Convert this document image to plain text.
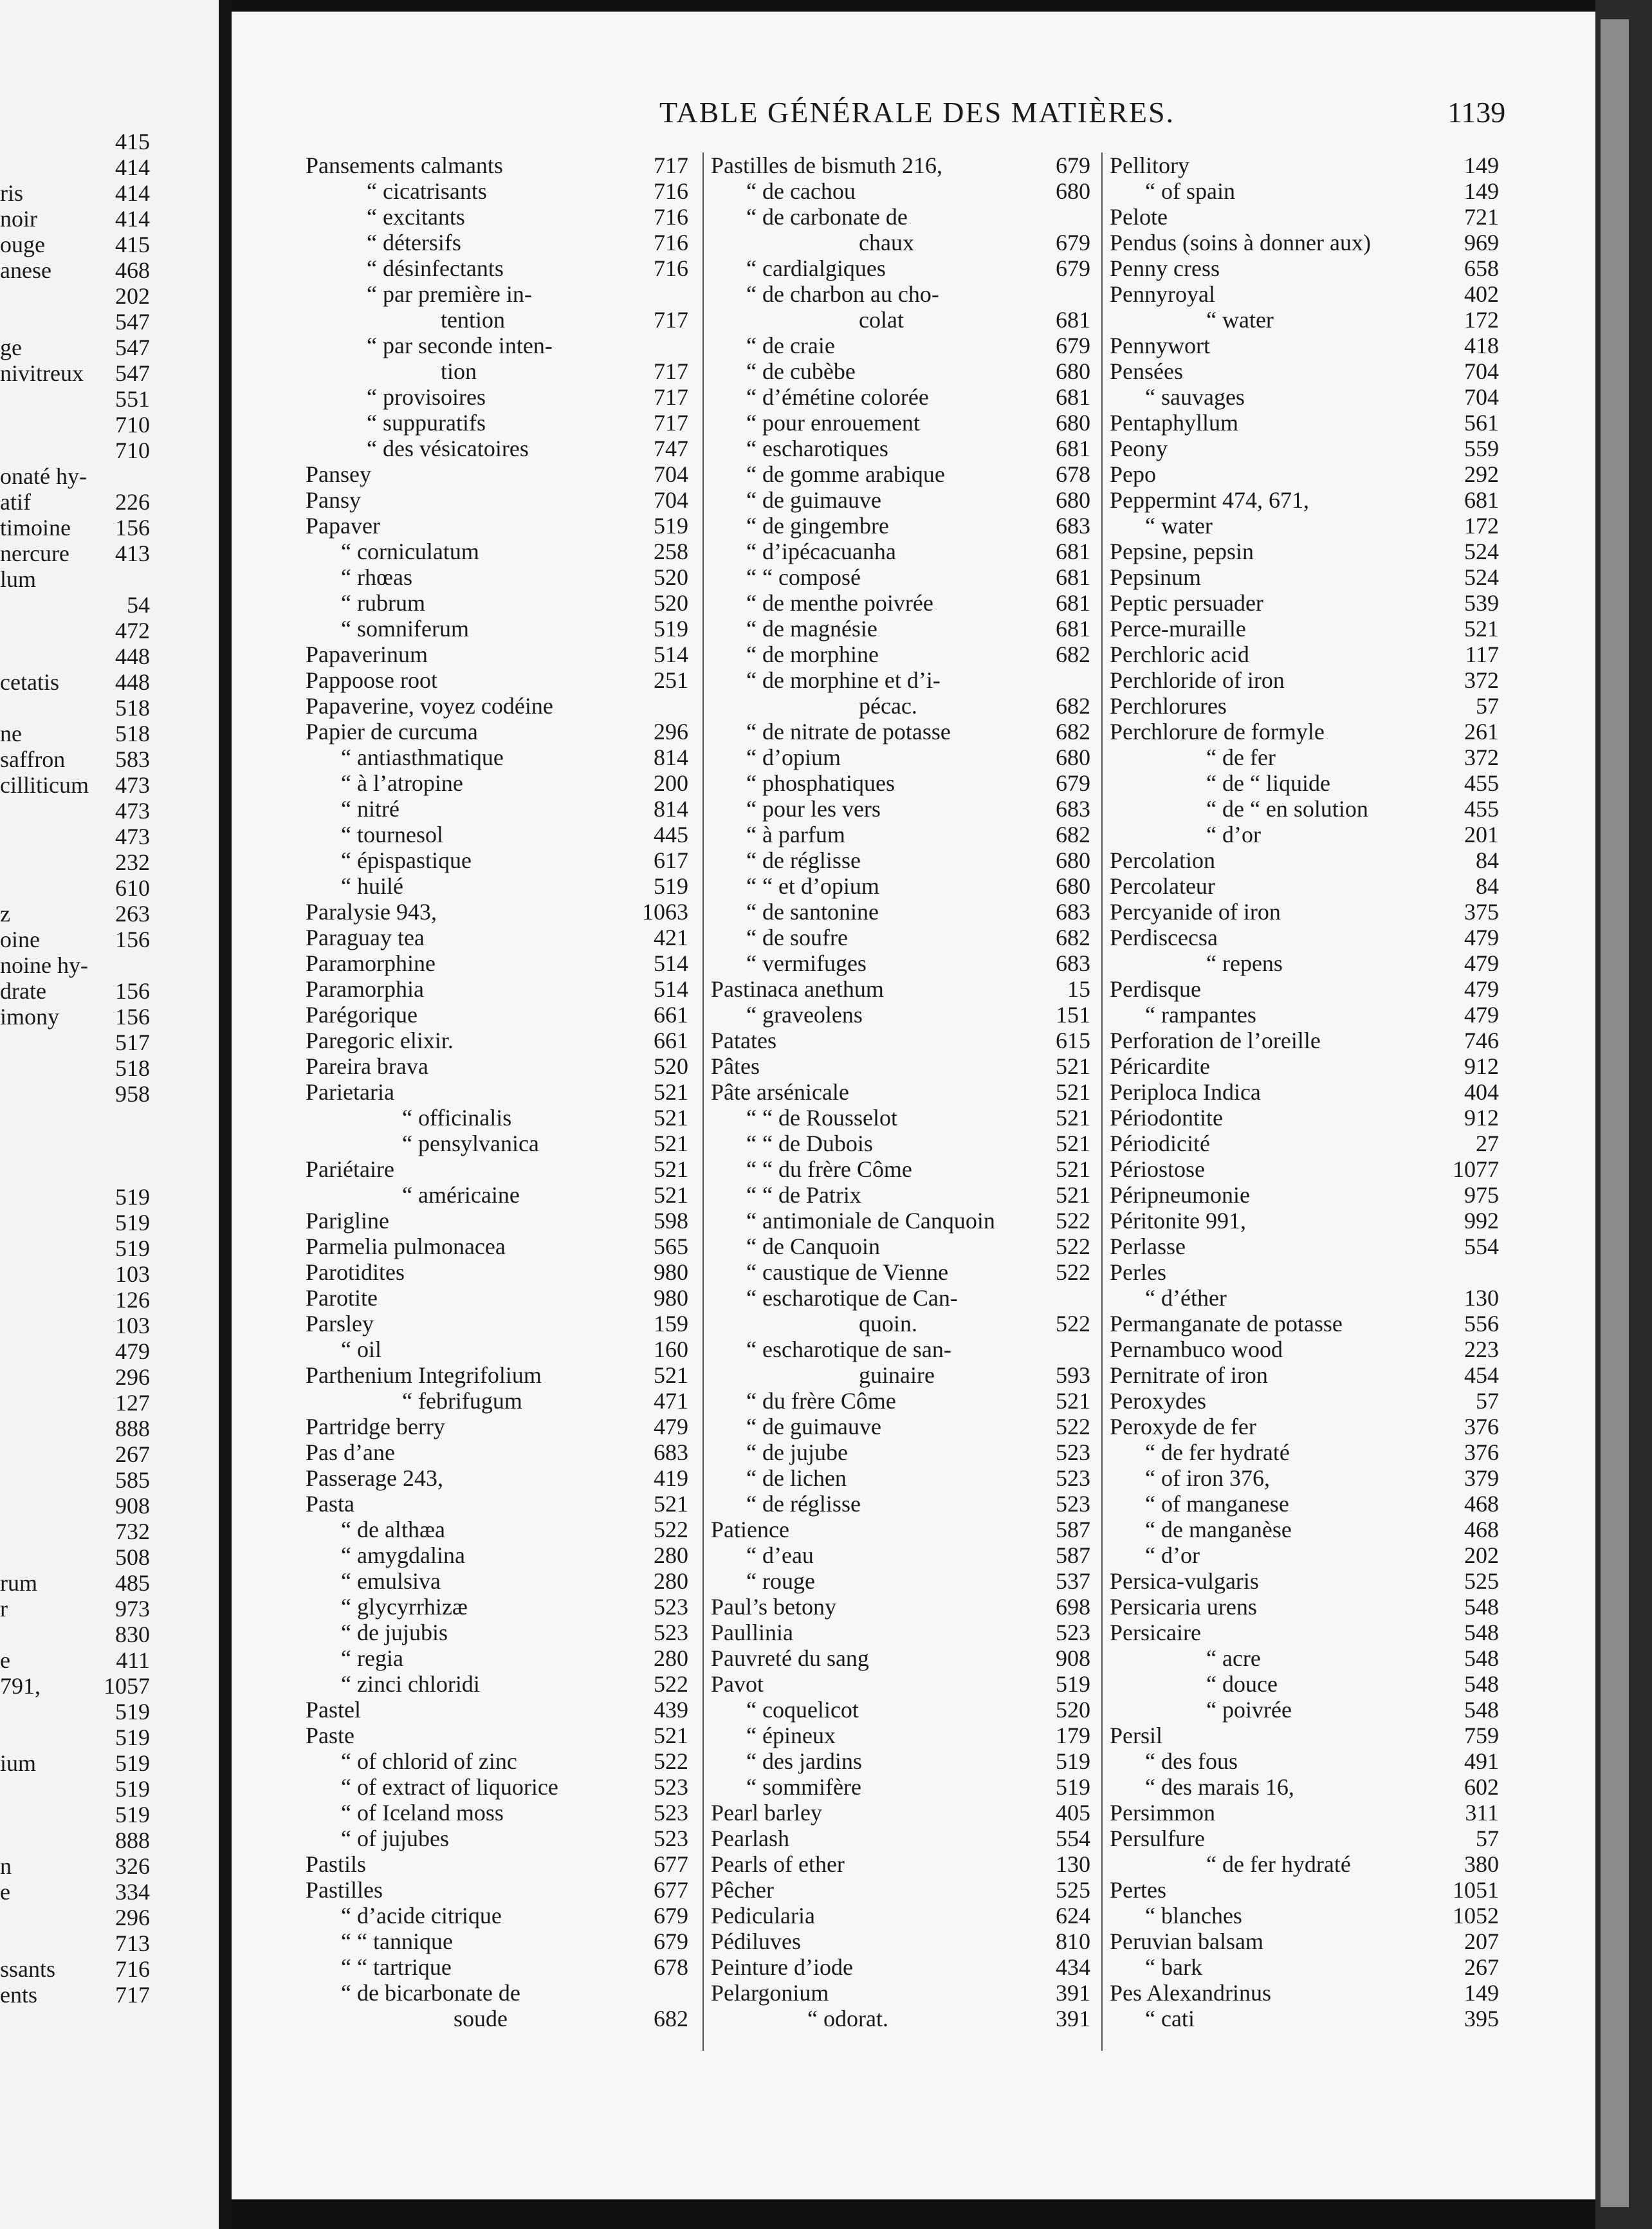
415
414
ris	414
noir	414
ouge	415
anese	468
202
547
ge	547
nivitreux 547
551
710
710
onaté hy-
atif	226
timoine 156
nercure 413
lum
54
472
448
cetatis 448
518
ne	518
saffron 583
cilliticum 473
473
473
232
610
z	263
oine	156
noine hy-
drate	156
imony 156
517
518
958
519
519
519
103
126
103
479
296
127
888
267
585
908
732
508
rum	485
r	973
830
e	411
791,	1057
519
519
ium	519
519
519
888
n	326
e	334
296
713
ssants	716
ents	717
TABLE GÉNÉRALE DES MATIÈRES.	1139
Pansements calmants	717
“ cicatrisants	716
“ excitants	716
“ détersifs	716
“ désinfectants	716
“ par première in-
tention	717
“ par seconde inten-
tion	717
“ provisoires	717
“ suppuratifs	717
“ des vésicatoires	747
Pansey	704
Pansy	704
Papaver	519
“ corniculatum	258
“ rhœas	520
“ rubrum	520
“ somniferum	519
Papaverinum	514
Pappoose root	251
Papaverine, voyez codéine
Papier de curcuma	296
“ antiasthmatique	814
“ à l’atropine	200
“ nitré	814
“ tournesol	445
“ épispastique	617
“ huilé	519
Paralysie 943,	1063
Paraguay tea	421
Paramorphine	514
Paramorphia	514
Parégorique	661
Paregoric elixir.	661
Pareira brava	520
Parietaria	521
“ officinalis	521
“ pensylvanica	521
Pariétaire	521
“ américaine	521
Parigline	598
Parmelia pulmonacea	565
Parotidites	980
Parotite	980
Parsley	159
“ oil	160
Parthenium Integrifolium	521
“ febrifugum	471
Partridge berry	479
Pas d’ane	683
Passerage 243,	419
Pasta	521
“ de althæa	522
“ amygdalina	280
“ emulsiva	280
“ glycyrrhizæ	523
“ de jujubis	523
“ regia	280
“ zinci chloridi	522
Pastel	439
Paste	521
“ of chlorid of zinc	522
“ of extract of liquorice	523
“ of Iceland moss	523
“ of jujubes	523
Pastils	677
Pastilles	677
“ d’acide citrique	679
“ “ tannique	679
“ “ tartrique	678
“ de bicarbonate de
soude	682
Pastilles de bismuth 216,	679
“ de cachou	680
“ de carbonate de
chaux	679
“ cardialgiques	679
“ de charbon au cho-
colat	681
“ de craie	679
“ de cubèbe	680
“ d’émétine colorée	681
“ pour enrouement	680
“ escharotiques	681
“ de gomme arabique	678
“ de guimauve	680
“ de gingembre	683
“ d’ipécacuanha	681
“ “ composé	681
“ de menthe poivrée	681
“ de magnésie	681
“ de morphine	682
“ de morphine et d’i-
pécac.	682
“ de nitrate de potasse	682
“ d’opium	680
“ phosphatiques	679
“ pour les vers	683
“ à parfum	682
“ de réglisse	680
“ “ et d’opium	680
“ de santonine	683
“ de soufre	682
“ vermifuges	683
Pastinaca anethum	15
“ graveolens	151
Patates	615
Pâtes	521
Pâte arsénicale	521
“ “ de Rousselot	521
“ “ de Dubois	521
“ “ du frère Côme	521
“ “ de Patrix	521
“ antimoniale de Canquoin	522
“ de Canquoin	522
“ caustique de Vienne	522
“ escharotique de Can-
quoin.	522
“ escharotique de san-
guinaire	593
“ du frère Côme	521
“ de guimauve	522
“ de jujube	523
“ de lichen	523
“ de réglisse	523
Patience	587
“ d’eau	587
“ rouge	537
Paul’s betony	698
Paullinia	523
Pauvreté du sang	908
Pavot	519
“ coquelicot	520
“ épineux	179
“ des jardins	519
“ sommifère	519
Pearl barley	405
Pearlash	554
Pearls of ether	130
Pêcher	525
Pedicularia	624
Pédiluves	810
Peinture d’iode	434
Pelargonium	391
“ odorat.	391
Pellitory	149
“ of spain	149
Pelote	721
Pendus (soins à donner aux)	969
Penny cress	658
Pennyroyal	402
“ water	172
Pennywort	418
Pensées	704
“ sauvages	704
Pentaphyllum	561
Peony	559
Pepo	292
Peppermint 474, 671,	681
“ water	172
Pepsine, pepsin	524
Pepsinum	524
Peptic persuader	539
Perce-muraille	521
Perchloric acid	117
Perchloride of iron	372
Perchlorures	57
Perchlorure de formyle	261
“ de fer	372
“ de “ liquide	455
“ de “ en solution	455
“ d’or	201
Percolation	84
Percolateur	84
Percyanide of iron	375
Perdiscecsa	479
“ repens	479
Perdisque	479
“ rampantes	479
Perforation de l’oreille	746
Péricardite	912
Periploca Indica	404
Périodontite	912
Périodicité	27
Périostose	1077
Péripneumonie	975
Péritonite 991,	992
Perlasse	554
Perles
“ d’éther	130
Permanganate de potasse	556
Pernambuco wood	223
Pernitrate of iron	454
Peroxydes	57
Peroxyde de fer	376
“ de fer hydraté	376
“ of iron 376,	379
“ of manganese	468
“ de manganèse	468
“ d’or	202
Persica-vulgaris	525
Persicaria urens	548
Persicaire	548
“ acre	548
“ douce	548
“ poivrée	548
Persil	759
“ des fous	491
“ des marais 16,	602
Persimmon	311
Persulfure	57
“ de fer hydraté	380
Pertes	1051
“ blanches	1052
Peruvian balsam	207
“ bark	267
Pes Alexandrinus	149
“ cati	395
